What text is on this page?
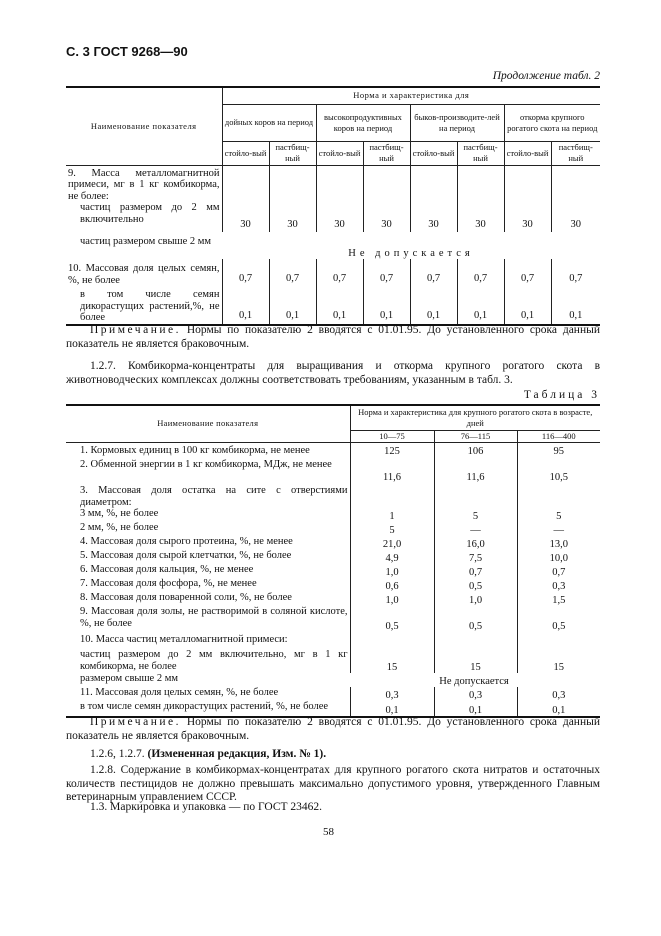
С. 3 ГОСТ 9268—90
Продолжение табл. 2
Наименование показателя	Норма и характеристика для							
	дойных коров на период		высокопродуктивных коров на период		быков-производите-лей на период		откорма крупного рогатого скота на период	
	стойло-вый	пастбищ-ный	стойло-вый	пастбищ-ный	стойло-вый	пастбищ-ный	стойло-вый	пастбищ-ный
9. Масса металломагнитной примеси, мг в 1 кг комбикорма, не более:								
частиц размером до 2 мм включительно	30	30	30	30	30	30	30	30
частиц размером свыше 2 мм	Не допускается							
10. Массовая доля целых семян, %, не более	0,7	0,7	0,7	0,7	0,7	0,7	0,7	0,7
в том числе семян дикорастущих растений,%, не более	0,1	0,1	0,1	0,1	0,1	0,1	0,1	0,1
Примечание. Нормы по показателю 2 вводятся с 01.01.95. До установленного срока данный показатель не является браковочным.
1.2.7. Комбикорма-концентраты для выращивания и откорма крупного рогатого скота в животноводческих комплексах должны соответствовать требованиям, указанным в табл. 3.
Таблица 3
Наименование показателя	Норма и характеристика для крупного рогатого скота в возрасте, дней		
	10—75	76—115	116—400
1. Кормовых единиц в 100 кг комбикорма, не менее	125	106	95
2. Обменной энергии в 1 кг комбикорма, МДж, не менее	11,6	11,6	10,5
3. Массовая доля остатка на сите с отверстиями диаметром:			
3 мм, %, не более	1	5	5
2 мм, %, не более	5	—	—
4. Массовая доля сырого протеина, %, не менее	21,0	16,0	13,0
5. Массовая доля сырой клетчатки, %, не более	4,9	7,5	10,0
6. Массовая доля кальция, %, не менее	1,0	0,7	0,7
7. Массовая доля фосфора, %, не менее	0,6	0,5	0,3
8. Массовая доля поваренной соли, %, не более	1,0	1,0	1,5
9. Массовая доля золы, не растворимой в соляной кислоте, %, не более	0,5	0,5	0,5
10. Масса частиц металломагнитной примеси:			
частиц размером до 2 мм включительно, мг в 1 кг комбикорма, не более	15	15	15
размером свыше 2 мм	Не допускается		
11. Массовая доля целых семян, %, не более	0,3	0,3	0,3
в том числе семян дикорастущих растений, %, не более	0,1	0,1	0,1
Примечание. Нормы по показателю 2 вводятся с 01.01.95. До установленного срока данный показатель не является браковочным.
1.2.6, 1.2.7. (Измененная редакция, Изм. № 1).
1.2.8. Содержание в комбикормах-концентратах для крупного рогатого скота нитратов и остаточных количеств пестицидов не должно превышать максимально допустимого уровня, утвержденного Главным ветеринарным управлением СССР.
1.3. Маркировка и упаковка — по ГОСТ 23462.
58
